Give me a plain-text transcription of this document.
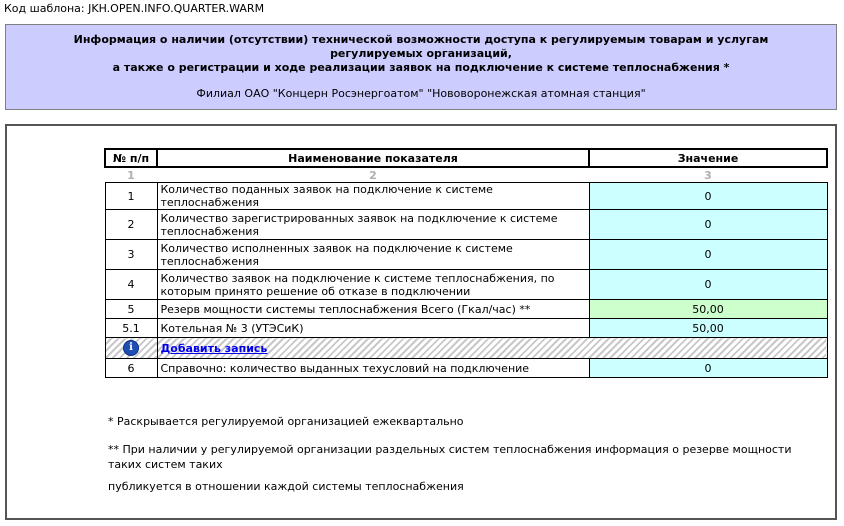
Код шаблона: JKH.OPEN.INFO.QUARTER.WARM
Информация о наличии (отсутствии) технической возможности доступа к регулируемым товарам и услугам регулируемых организаций,
а также о регистрации и ходе реализации заявок на подключение к системе теплоснабжения *
Филиал ОАО "Концерн Росэнергоатом" "Нововоронежская атомная станция"
№ п/п	Наименование показателя	Значение
1	2	3
1	Количество поданных заявок на подключение к системе теплоснабжения	0
2	Количество зарегистрированных заявок на подключение к системе теплоснабжения	0
3	Количество исполненных заявок на подключение к системе теплоснабжения	0
4	Количество заявок на подключение к системе теплоснабжения, по которым принято решение об отказе в подключении	0
5	Резерв мощности системы теплоснабжения Всего (Гкал/час) **	50,00
5.1	Котельная № 3 (УТЭСиК)	50,00
i	Добавить запись	
6	Справочно: количество выданных техусловий на подключение	0
* Раскрывается регулируемой организацией ежеквартально
** При наличии у регулируемой организации раздельных систем теплоснабжения информация о резерве мощности таких систем таких
публикуется в отношении каждой системы теплоснабжения
